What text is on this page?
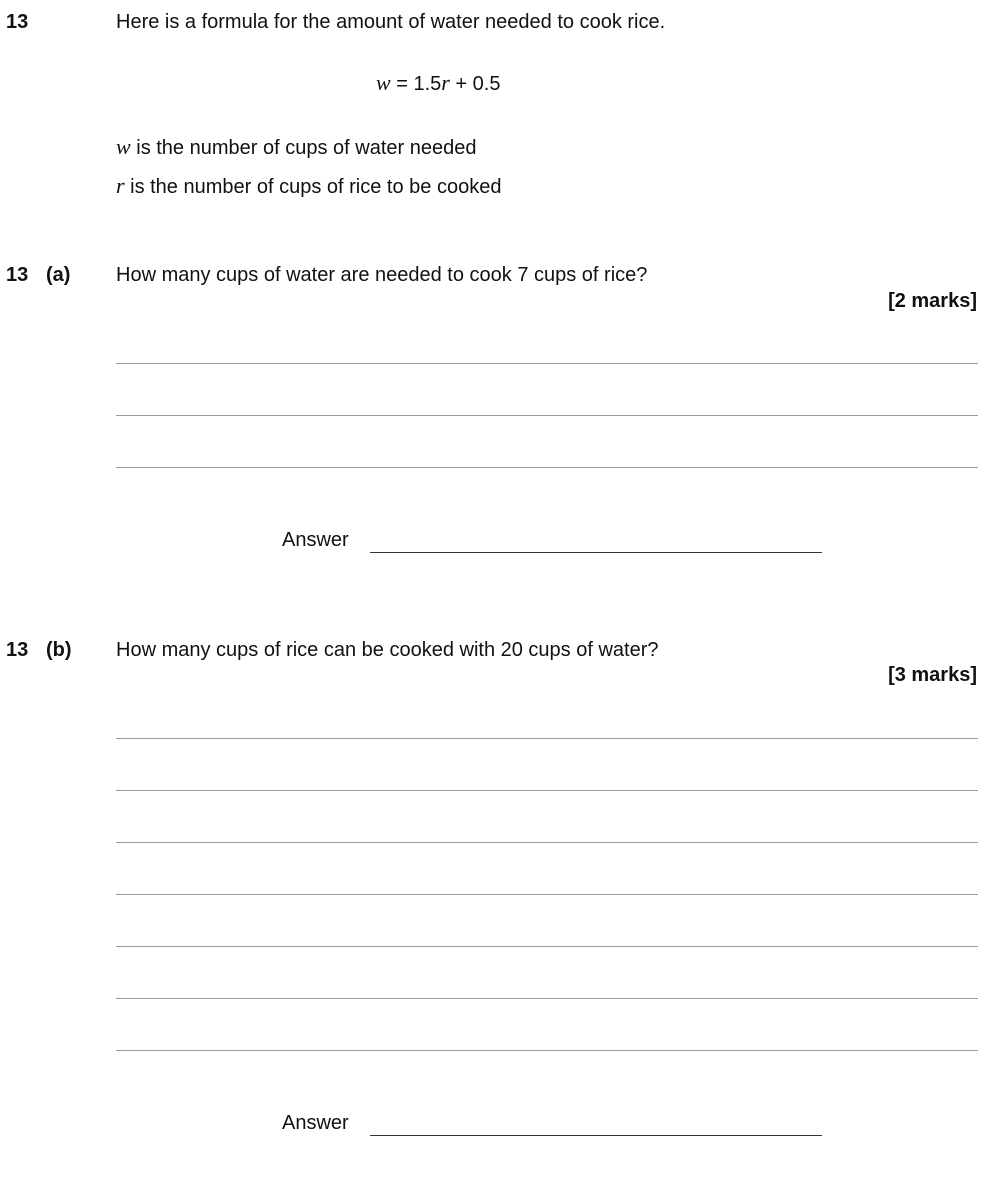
13	Here is a formula for the amount of water needed to cook rice.
w = 1.5r + 0.5
w is the number of cups of water needed
r is the number of cups of rice to be cooked
13 (a) How many cups of water are needed to cook 7 cups of rice?
[2 marks]
Answer
13 (b) How many cups of rice can be cooked with 20 cups of water?
[3 marks]
Answer
